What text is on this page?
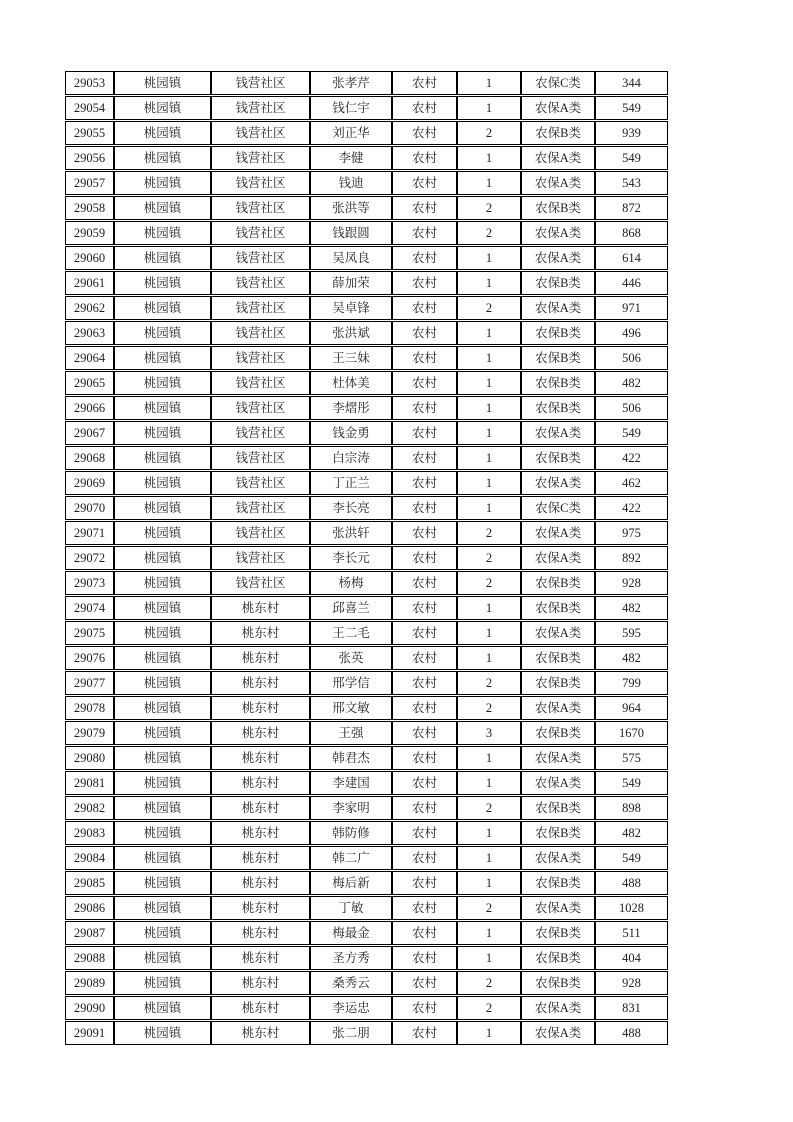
29053	桃园镇	钱营社区	张孝芹	农村	1	农保C类	344
29054	桃园镇	钱营社区	钱仁宇	农村	1	农保A类	549
29055	桃园镇	钱营社区	刘正华	农村	2	农保B类	939
29056	桃园镇	钱营社区	李健	农村	1	农保A类	549
29057	桃园镇	钱营社区	钱迪	农村	1	农保A类	543
29058	桃园镇	钱营社区	张洪等	农村	2	农保B类	872
29059	桃园镇	钱营社区	钱跟圆	农村	2	农保A类	868
29060	桃园镇	钱营社区	吴凤良	农村	1	农保A类	614
29061	桃园镇	钱营社区	薛加荣	农村	1	农保B类	446
29062	桃园镇	钱营社区	吴卓锋	农村	2	农保A类	971
29063	桃园镇	钱营社区	张洪斌	农村	1	农保B类	496
29064	桃园镇	钱营社区	王三妹	农村	1	农保B类	506
29065	桃园镇	钱营社区	杜体美	农村	1	农保B类	482
29066	桃园镇	钱营社区	李熠彤	农村	1	农保B类	506
29067	桃园镇	钱营社区	钱金勇	农村	1	农保A类	549
29068	桃园镇	钱营社区	白宗涛	农村	1	农保B类	422
29069	桃园镇	钱营社区	丁正兰	农村	1	农保A类	462
29070	桃园镇	钱营社区	李长亮	农村	1	农保C类	422
29071	桃园镇	钱营社区	张洪轩	农村	2	农保A类	975
29072	桃园镇	钱营社区	李长元	农村	2	农保A类	892
29073	桃园镇	钱营社区	杨梅	农村	2	农保B类	928
29074	桃园镇	桃东村	邱喜兰	农村	1	农保B类	482
29075	桃园镇	桃东村	王二毛	农村	1	农保A类	595
29076	桃园镇	桃东村	张英	农村	1	农保B类	482
29077	桃园镇	桃东村	邢学信	农村	2	农保B类	799
29078	桃园镇	桃东村	邢文敏	农村	2	农保A类	964
29079	桃园镇	桃东村	王强	农村	3	农保B类	1670
29080	桃园镇	桃东村	韩君杰	农村	1	农保A类	575
29081	桃园镇	桃东村	李建国	农村	1	农保A类	549
29082	桃园镇	桃东村	李家明	农村	2	农保B类	898
29083	桃园镇	桃东村	韩防修	农村	1	农保B类	482
29084	桃园镇	桃东村	韩二广	农村	1	农保A类	549
29085	桃园镇	桃东村	梅后新	农村	1	农保B类	488
29086	桃园镇	桃东村	丁敏	农村	2	农保A类	1028
29087	桃园镇	桃东村	梅最金	农村	1	农保B类	511
29088	桃园镇	桃东村	圣方秀	农村	1	农保B类	404
29089	桃园镇	桃东村	桑秀云	农村	2	农保B类	928
29090	桃园镇	桃东村	李运忠	农村	2	农保A类	831
29091	桃园镇	桃东村	张二朋	农村	1	农保A类	488
